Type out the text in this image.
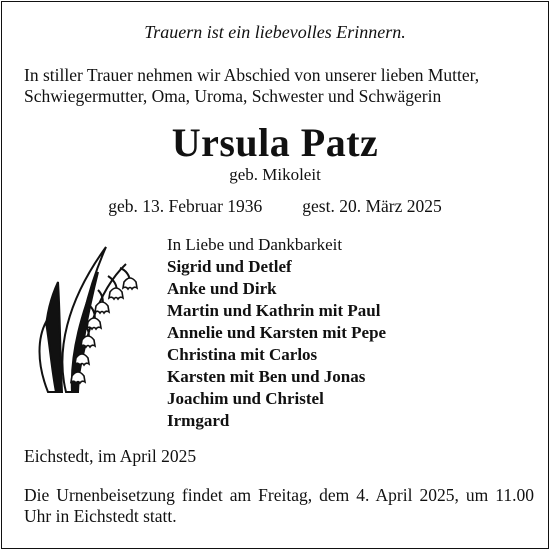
Trauern ist ein liebevolles Erinnern.
In stiller Trauer nehmen wir Abschied von unserer lieben Mutter, Schwiegermutter, Oma, Uroma, Schwester und Schwägerin
Ursula Patz
geb. Mikoleit
geb. 13. Februar 1936 gest. 20. März 2025
In Liebe und Dankbarkeit
Sigrid und Detlef
Anke und Dirk
Martin und Kathrin mit Paul
Annelie und Karsten mit Pepe
Christina mit Carlos
Karsten mit Ben und Jonas
Joachim und Christel
Irmgard
Eichstedt, im April 2025
Die Urnenbeisetzung findet am Freitag, dem 4. April 2025, um 11.00 Uhr in Eichstedt statt.
